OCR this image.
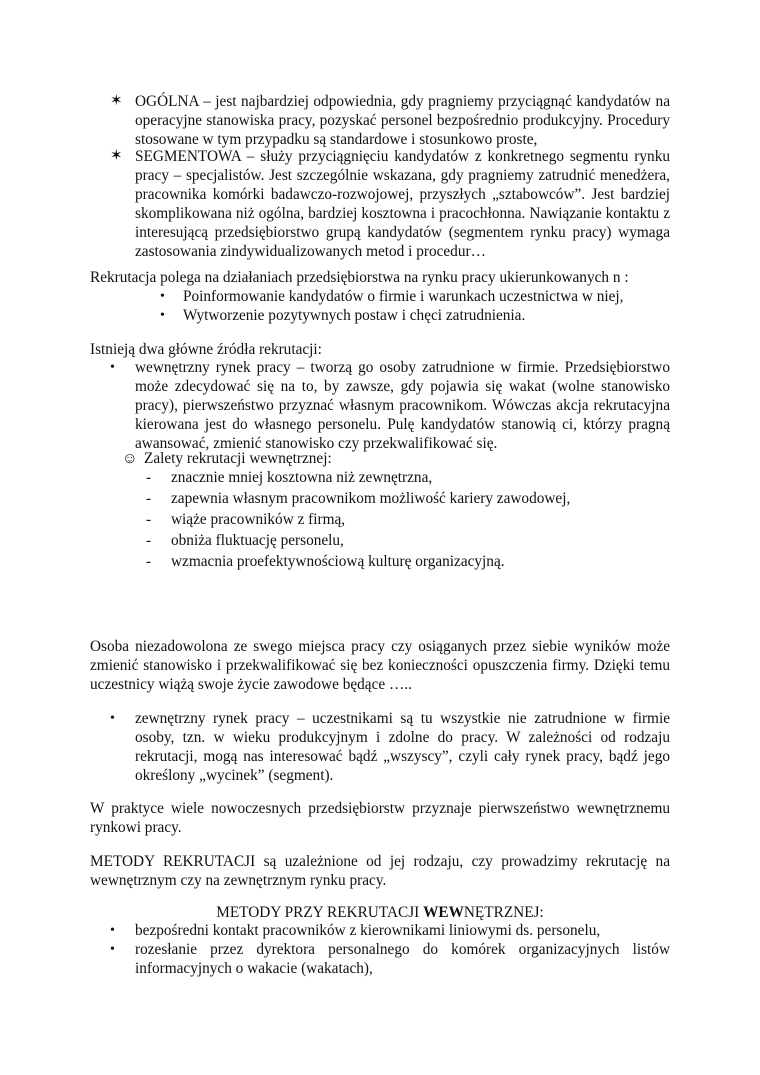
✶ OGÓLNA – jest najbardziej odpowiednia, gdy pragniemy przyciągnąć kandydatów na operacyjne stanowiska pracy, pozyskać personel bezpośrednio produkcyjny. Procedury stosowane w tym przypadku są standardowe i stosunkowo proste,

✶ SEGMENTOWA – służy przyciągnięciu kandydatów z konkretnego segmentu rynku pracy – specjalistów. Jest szczególnie wskazana, gdy pragniemy zatrudnić menedżera, pracownika komórki badawczo-rozwojowej, przyszłych „sztabowców”. Jest bardziej skomplikowana niż ogólna, bardziej kosztowna i pracochłonna. Nawiązanie kontaktu z interesującą przedsiębiorstwo grupą kandydatów (segmentem rynku pracy) wymaga zastosowania zindywidualizowanych metod i procedur…

Rekrutacja polega na działaniach przedsiębiorstwa na rynku pracy ukierunkowanych n :

• Poinformowanie kandydatów o firmie i warunkach uczestnictwa w niej,

• Wytworzenie pozytywnych postaw i chęci zatrudnienia.

Istnieją dwa główne źródła rekrutacji:

• wewnętrzny rynek pracy – tworzą go osoby zatrudnione w firmie. Przedsiębiorstwo może zdecydować się na to, by zawsze, gdy pojawia się wakat (wolne stanowisko pracy), pierwszeństwo przyznać własnym pracownikom. Wówczas akcja rekrutacyjna kierowana jest do własnego personelu. Pulę kandydatów stanowią ci, którzy pragną awansować, zmienić stanowisko czy przekwalifikować się.

☺ Zalety rekrutacji wewnętrznej:
- znacznie mniej kosztowna niż zewnętrzna,

- zapewnia własnym pracownikom możliwość kariery zawodowej,

- wiąże pracowników z firmą,

- obniża fluktuację personelu,

- wzmacnia proefektywnościową kulturę organizacyjną.

Osoba niezadowolona ze swego miejsca pracy czy osiąganych przez siebie wyników może zmienić stanowisko i przekwalifikować się bez konieczności opuszczenia firmy. Dzięki temu uczestnicy wiążą swoje życie zawodowe będące …..

• zewnętrzny rynek pracy – uczestnikami są tu wszystkie nie zatrudnione w firmie osoby, tzn. w wieku produkcyjnym i zdolne do pracy. W zależności od rodzaju rekrutacji, mogą nas interesować bądź „wszyscy”, czyli cały rynek pracy, bądź jego określony „wycinek” (segment).

W praktyce wiele nowoczesnych przedsiębiorstw przyznaje pierwszeństwo wewnętrznemu rynkowi pracy.

METODY REKRUTACJI są uzależnione od jej rodzaju, czy prowadzimy rekrutację na wewnętrznym czy na zewnętrznym rynku pracy.

METODY PRZY REKRUTACJI WEWNĘTRZNEJ:

• bezpośredni kontakt pracowników z kierownikami liniowymi ds. personelu,

• rozesłanie przez dyrektora personalnego do komórek organizacyjnych listów informacyjnych o wakacie (wakatach),
